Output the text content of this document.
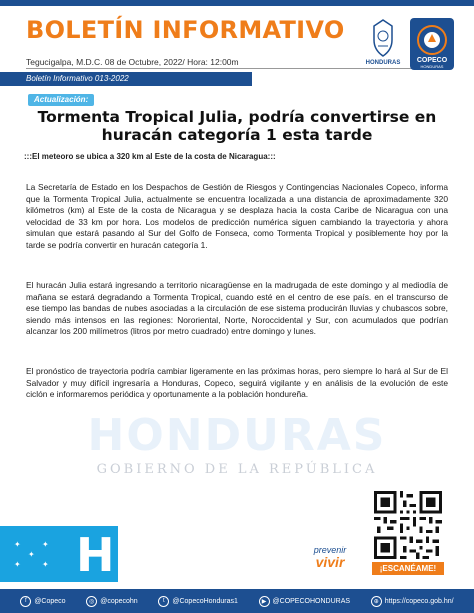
BOLETÍN INFORMATIVO
Tegucigalpa, M.D.C. 08 de Octubre, 2022/ Hora: 12:00m	HONDURAS	COPECO
HONDURAS
Boletín Informativo 013-2022
Actualización:
Tormenta Tropical Julia, podría convertirse en huracán categoría 1 esta tarde
:::El meteoro se ubica a 320 km al Este de la costa de Nicaragua:::
HONDURAS
GOBIERNO DE LA REPÚBLICA

La Secretaría de Estado en los Despachos de Gestión de Riesgos y Contingencias Nacionales Copeco, informa que la Tormenta Tropical Julia, actualmente se encuentra localizada a una distancia de aproximadamente 320 kilómetros (km) al Este de la costa de Nicaragua y se desplaza hacia la costa Caribe de Nicaragua con una velocidad de 33 km por hora. Los modelos de predicción numérica siguen cambiando la trayectoria y ahora simulan que estará pasando al Sur del Golfo de Fonseca, como Tormenta Tropical y posiblemente hoy por la tarde se podría convertir en huracán categoría 1.

El huracán Julia estará ingresando a territorio nicaragüense en la madrugada de este domingo y al mediodía de mañana se estará degradando a Tormenta Tropical, cuando esté en el centro de ese país. en el transcurso de ese tiempo las bandas de nubes asociadas a la circulación de ese sistema producirán lluvias y chubascos sobre, siendo más intensos en las regiones: Nororiental, Norte, Noroccidental y Sur, con acumulados que podrían alcanzar los 200 milímetros (litros por metro cuadrado) entre domingo y lunes.

El pronóstico de trayectoria podría cambiar ligeramente en las próximas horas, pero siempre lo hará al Sur de El Salvador y muy difícil ingresaría a Honduras, Copeco, seguirá vigilante y en análisis de la evolución de este ciclón e informaremos periódica y oportunamente a la población hondureña.

✦
✦
✦
✦
✦ H	prevenir
vivir	¡ESCANÉAME!
f	@Copeco	◎ @copecohn	t	@CopecoHonduras1	▶ @COPECOHONDURAS	⊕ https://copeco.gob.hn/
